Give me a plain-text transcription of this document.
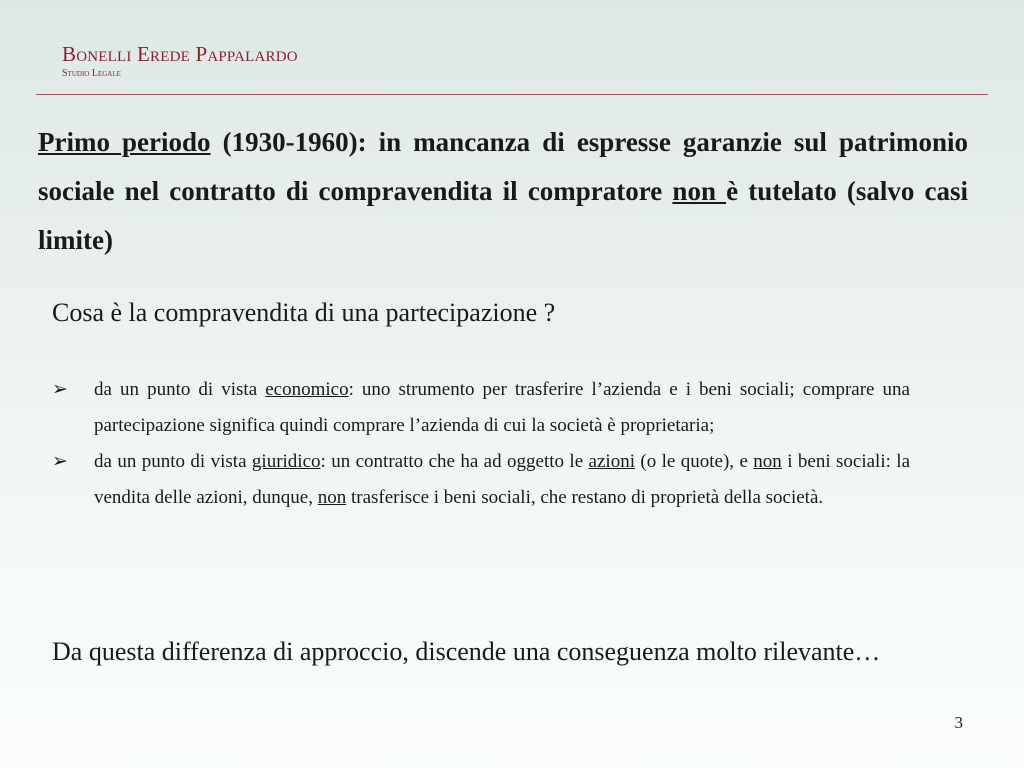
Bonelli Erede Pappalardo
Studio Legale

Primo periodo (1930-1960): in mancanza di espresse garanzie sul patrimonio sociale nel contratto di compravendita il compratore non è tutelato (salvo casi limite)

Cosa è la compravendita di una partecipazione ?

➢ da un punto di vista economico: uno strumento per trasferire l’azienda e i beni sociali; comprare una partecipazione significa quindi comprare l’azienda di cui la società è proprietaria;
➢ da un punto di vista giuridico: un contratto che ha ad oggetto le azioni (o le quote), e non i beni sociali: la vendita delle azioni, dunque, non trasferisce i beni sociali, che restano di proprietà della società.

Da questa differenza di approccio, discende una conseguenza molto rilevante…

3
